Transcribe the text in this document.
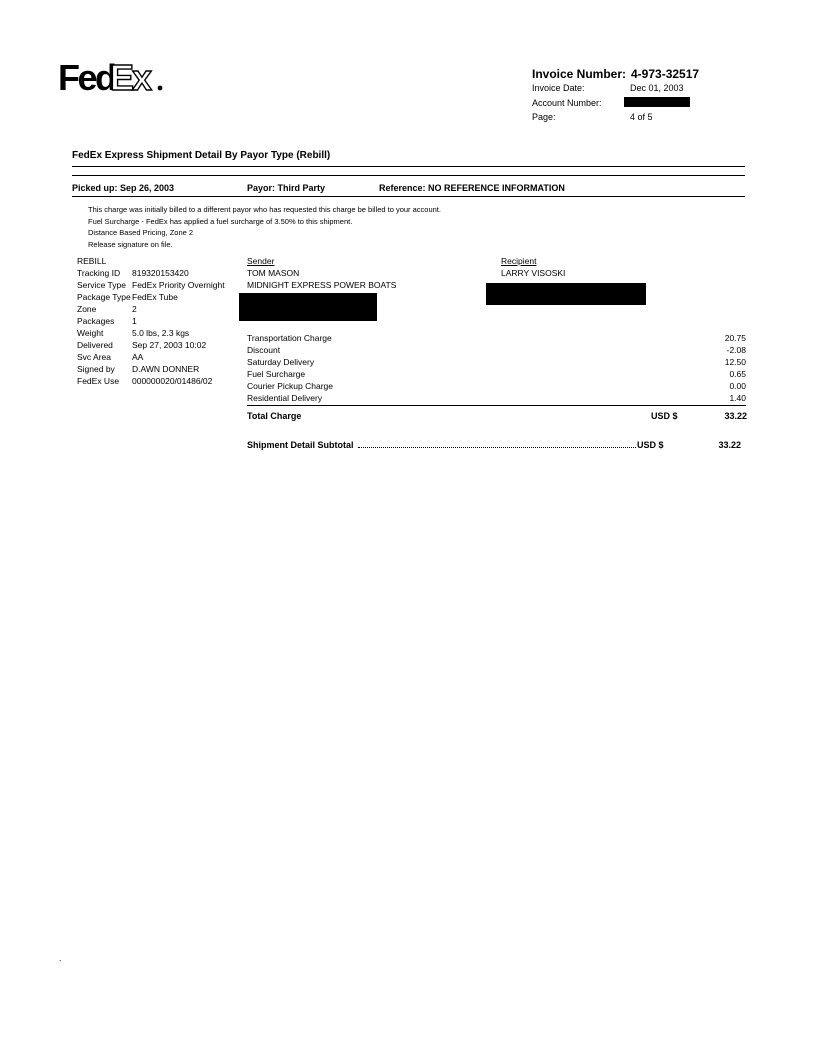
Fed
Ex	Invoice Number: 4-973-32517
Invoice Date:	Dec 01, 2003
Account Number:
Page:	4 of 5
FedEx Express Shipment Detail By Payor Type (Rebill)
Picked up: Sep 26, 2003	Payor: Third Party	Reference: NO REFERENCE INFORMATION
This charge was initially billed to a different payor who has requested this charge be billed to your account.
Fuel Surcharge - FedEx has applied a fuel surcharge of 3.50% to this shipment.
Distance Based Pricing, Zone 2
Release signature on file.
REBILL
Tracking ID 819320153420
Service Type FedEx Priority Overnight
Package Type FedEx Tube
Zone	2
Packages 1
Weight	5.0 lbs, 2.3 kgs
Delivered Sep 27, 2003 10:02
Svc Area AA
Signed by D.AWN DONNER
FedEx Use 000000020/01486/02
Sender
TOM MASON
MIDNIGHT EXPRESS POWER BOATS
Recipient
LARRY VISOSKI
Transportation Charge	20.75
Discount	-2.08
Saturday Delivery	12.50
Fuel Surcharge	0.65
Courier Pickup Charge	0.00
Residential Delivery	1.40
Total Charge	USD $	33.22
Shipment Detail Subtotal	USD $	33.22
.
